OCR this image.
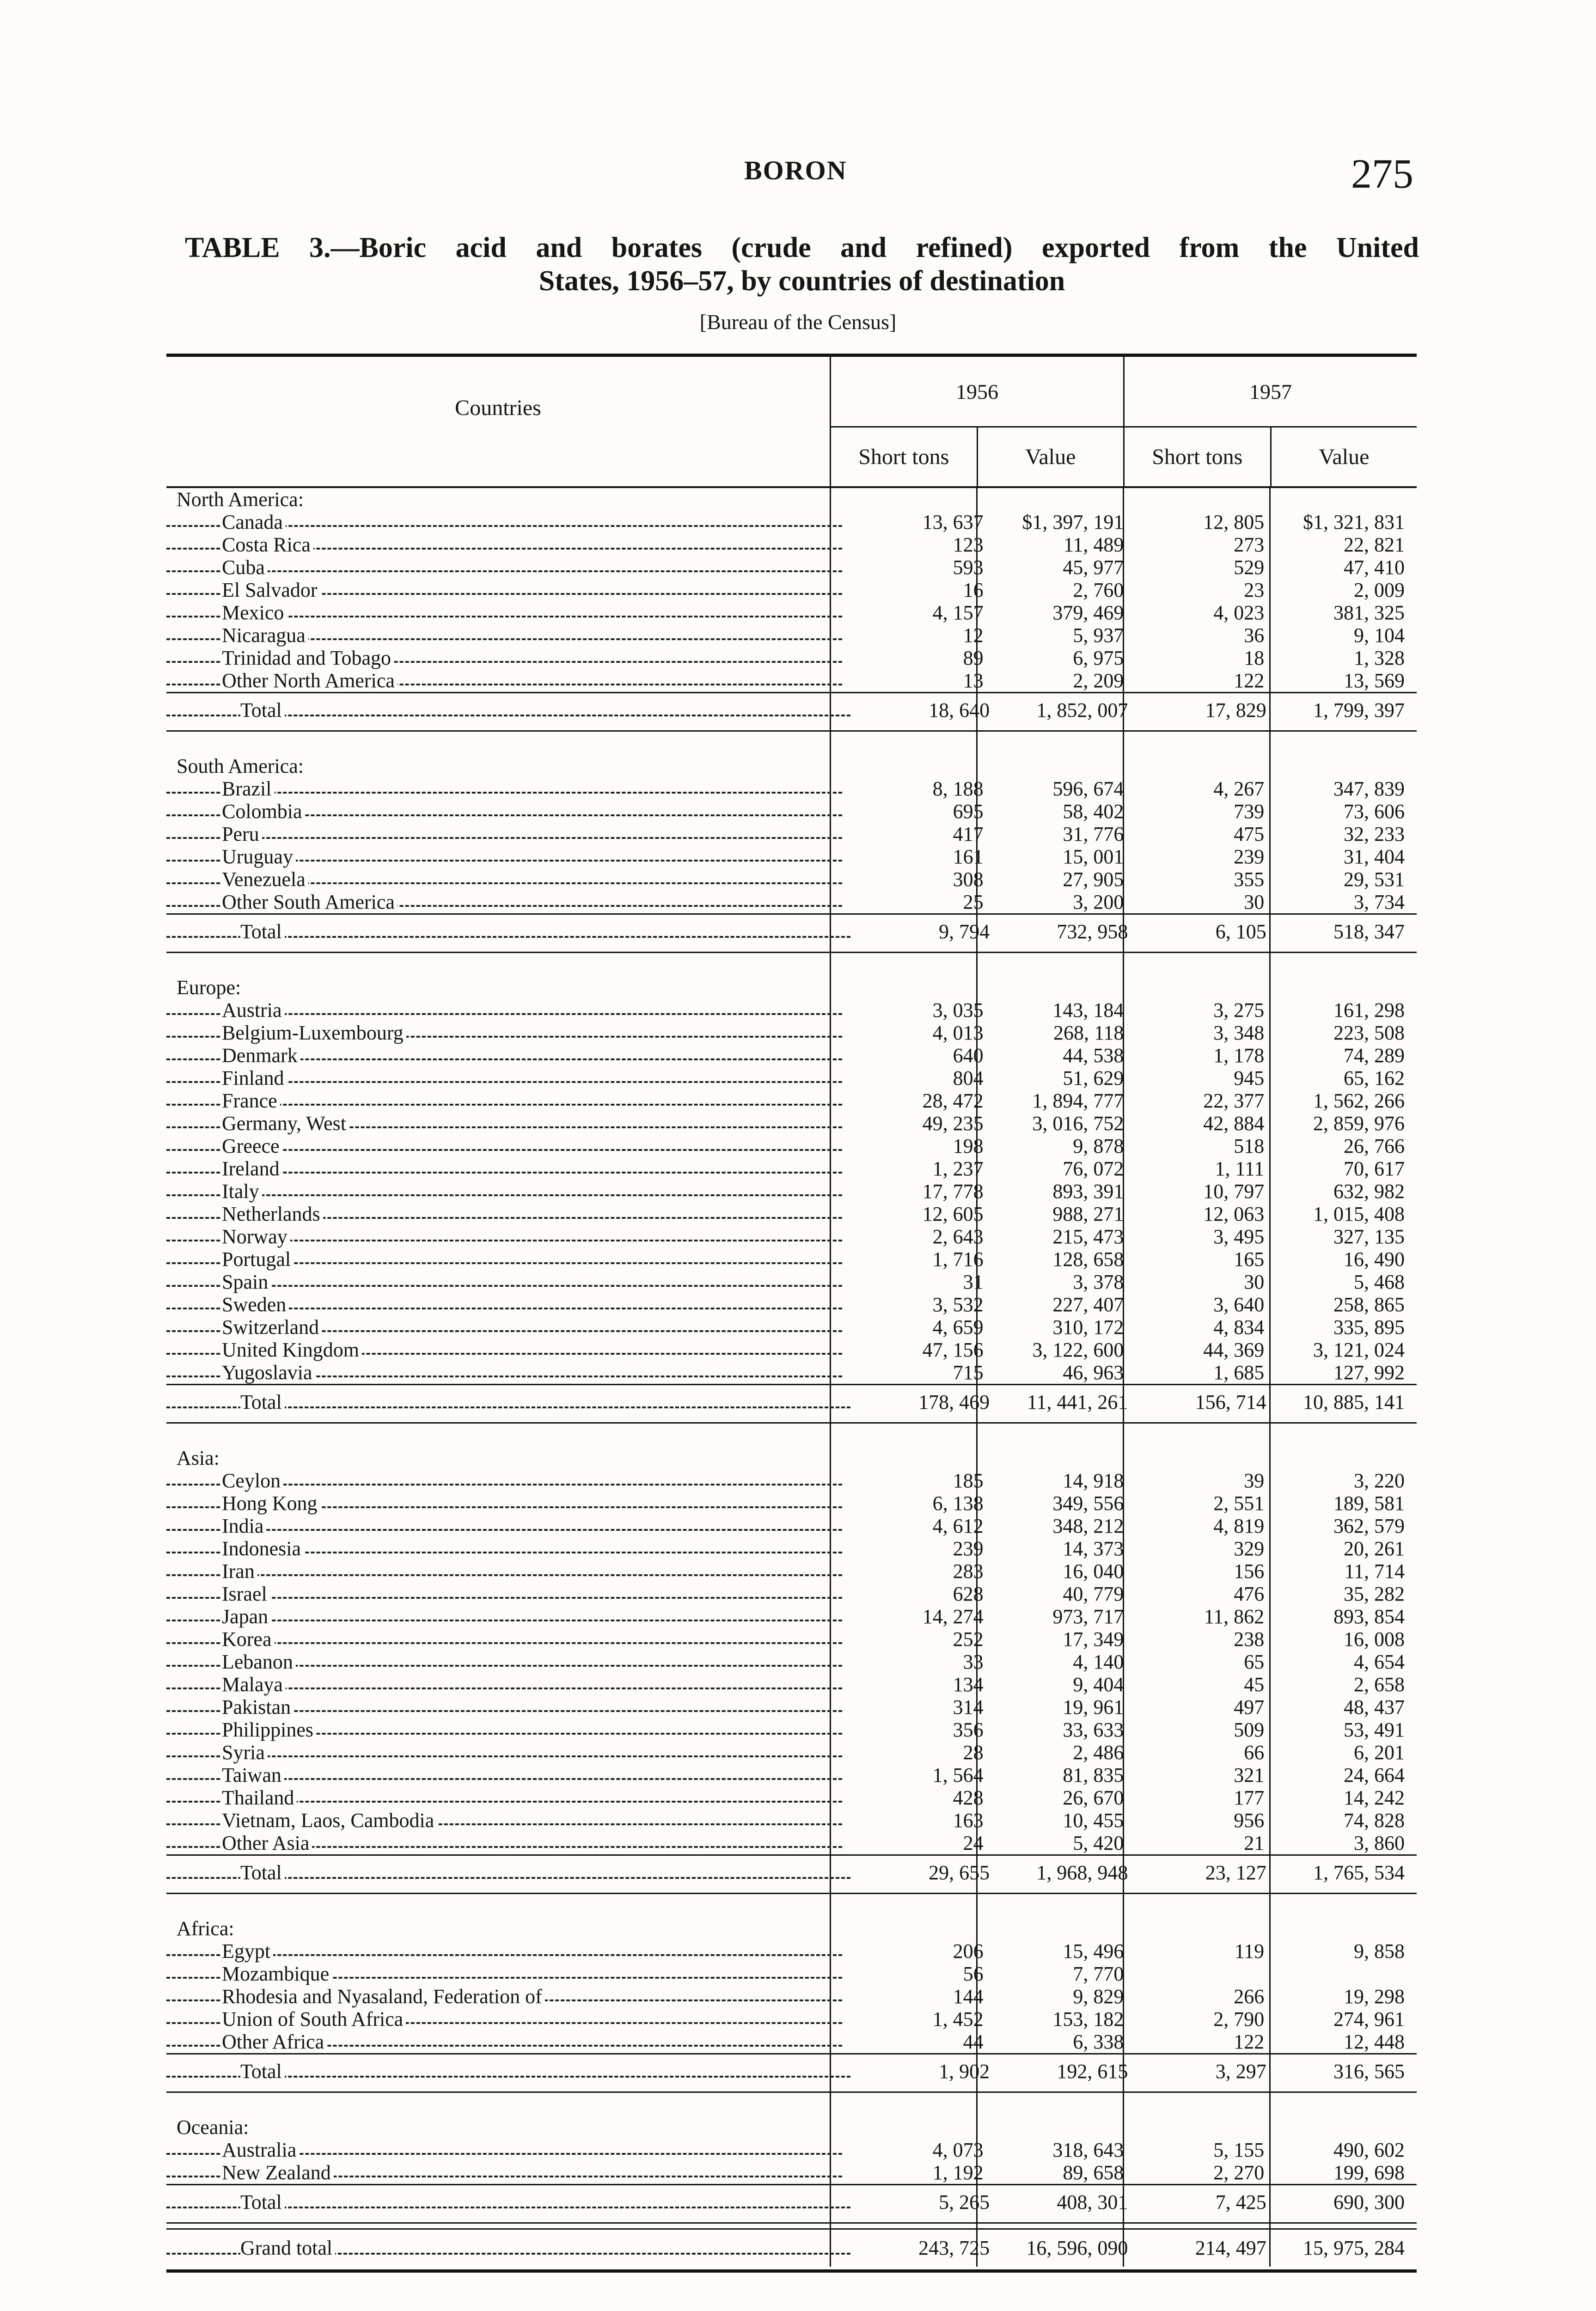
BORON	275
TABLE 3.—Boric acid and borates (crude and refined) exported from the United
States, 1956–57, by countries of destination
[Bureau of the Census]
Countries
1956
Short tons	Value
1957
Short tons	Value
North America:
Canada	13, 637	$1, 397, 191	12, 805	$1, 321, 831
Costa Rica	123	11, 489	273	22, 821
Cuba	593	45, 977	529	47, 410
El Salvador	16	2, 760	23	2, 009
Mexico	4, 157	379, 469	4, 023	381, 325
Nicaragua	12	5, 937	36	9, 104
Trinidad and Tobago	89	6, 975	18	1, 328
Other North America	13	2, 209	122	13, 569
Total	18, 640	1, 852, 007	17, 829	1, 799, 397
South America:
Brazil	8, 188	596, 674	4, 267	347, 839
Colombia	695	58, 402	739	73, 606
Peru	417	31, 776	475	32, 233
Uruguay	161	15, 001	239	31, 404
Venezuela	308	27, 905	355	29, 531
Other South America	25	3, 200	30	3, 734
Total	9, 794	732, 958	6, 105	518, 347
Europe:
Austria	3, 035	143, 184	3, 275	161, 298
Belgium-Luxembourg	4, 013	268, 118	3, 348	223, 508
Denmark	640	44, 538	1, 178	74, 289
Finland	804	51, 629	945	65, 162
France	28, 472	1, 894, 777	22, 377	1, 562, 266
Germany, West	49, 235	3, 016, 752	42, 884	2, 859, 976
Greece	198	9, 878	518	26, 766
Ireland	1, 237	76, 072	1, 111	70, 617
Italy	17, 778	893, 391	10, 797	632, 982
Netherlands	12, 605	988, 271	12, 063	1, 015, 408
Norway	2, 643	215, 473	3, 495	327, 135
Portugal	1, 716	128, 658	165	16, 490
Spain	31	3, 378	30	5, 468
Sweden	3, 532	227, 407	3, 640	258, 865
Switzerland	4, 659	310, 172	4, 834	335, 895
United Kingdom	47, 156	3, 122, 600	44, 369	3, 121, 024
Yugoslavia	715	46, 963	1, 685	127, 992
Total	178, 469	11, 441, 261	156, 714	10, 885, 141
Asia:
Ceylon	185	14, 918	39	3, 220
Hong Kong	6, 138	349, 556	2, 551	189, 581
India	4, 612	348, 212	4, 819	362, 579
Indonesia	239	14, 373	329	20, 261
Iran	283	16, 040	156	11, 714
Israel	628	40, 779	476	35, 282
Japan	14, 274	973, 717	11, 862	893, 854
Korea	252	17, 349	238	16, 008
Lebanon	33	4, 140	65	4, 654
Malaya	134	9, 404	45	2, 658
Pakistan	314	19, 961	497	48, 437
Philippines	356	33, 633	509	53, 491
Syria	28	2, 486	66	6, 201
Taiwan	1, 564	81, 835	321	24, 664
Thailand	428	26, 670	177	14, 242
Vietnam, Laos, Cambodia	163	10, 455	956	74, 828
Other Asia	24	5, 420	21	3, 860
Total	29, 655	1, 968, 948	23, 127	1, 765, 534
Africa:
Egypt	206	15, 496	119	9, 858
Mozambique	56	7, 770
Rhodesia and Nyasaland, Federation of	144	9, 829	266	19, 298
Union of South Africa	1, 452	153, 182	2, 790	274, 961
Other Africa	44	6, 338	122	12, 448
Total	1, 902	192, 615	3, 297	316, 565
Oceania:
Australia	4, 073	318, 643	5, 155	490, 602
New Zealand	1, 192	89, 658	2, 270	199, 698
Total	5, 265	408, 301	7, 425	690, 300
Grand total	243, 725	16, 596, 090	214, 497	15, 975, 284
